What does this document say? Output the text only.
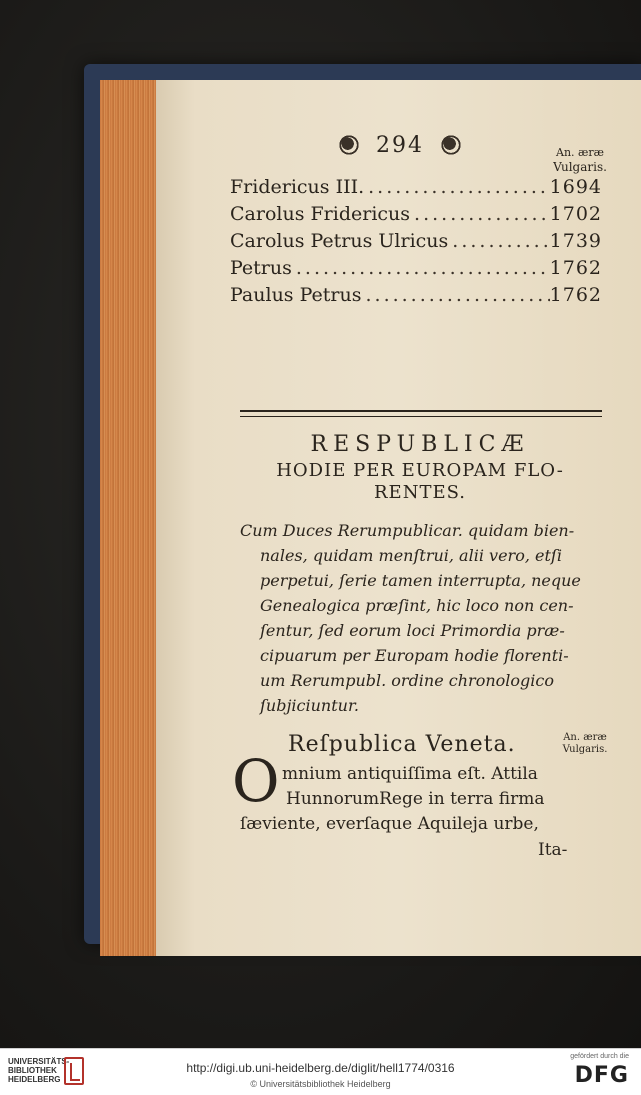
294	An. æræ
Vulgaris.
Fridericus III. .....	1694
Carolus Fridericus .....	1702
Carolus Petrus Ulricus .....	1739
Petrus .....	1762
Paulus Petrus .....	1762
RESPUBLICÆ
HODIE PER EUROPAM FLO-
RENTES.

Cum Duces Rerumpublicar. quidam bien-

nales, quidam menſtrui, alii vero, etſi

perpetui, ſerie tamen interrupta, neque

Genealogica præſint, hic loco non cen-

ſentur, ſed eorum loci Primordia præ-

cipuarum per Europam hodie florenti-

um Rerumpubl. ordine chronologico

ſubjiciuntur.

Reſpublica Veneta.	An. æræ
Vulgaris.
O mnium antiquiſſima eſt. Attila
HunnorumRege in terra firma
ſæviente, everſaque Aquileja urbe,
Ita-
UNIVERSITÄTS-
BIBLIOTHEK
HEIDELBERG
http://digi.ub.uni-heidelberg.de/diglit/hell1774/0316
© Universitätsbibliothek Heidelberg
gefördert durch die
DFG
